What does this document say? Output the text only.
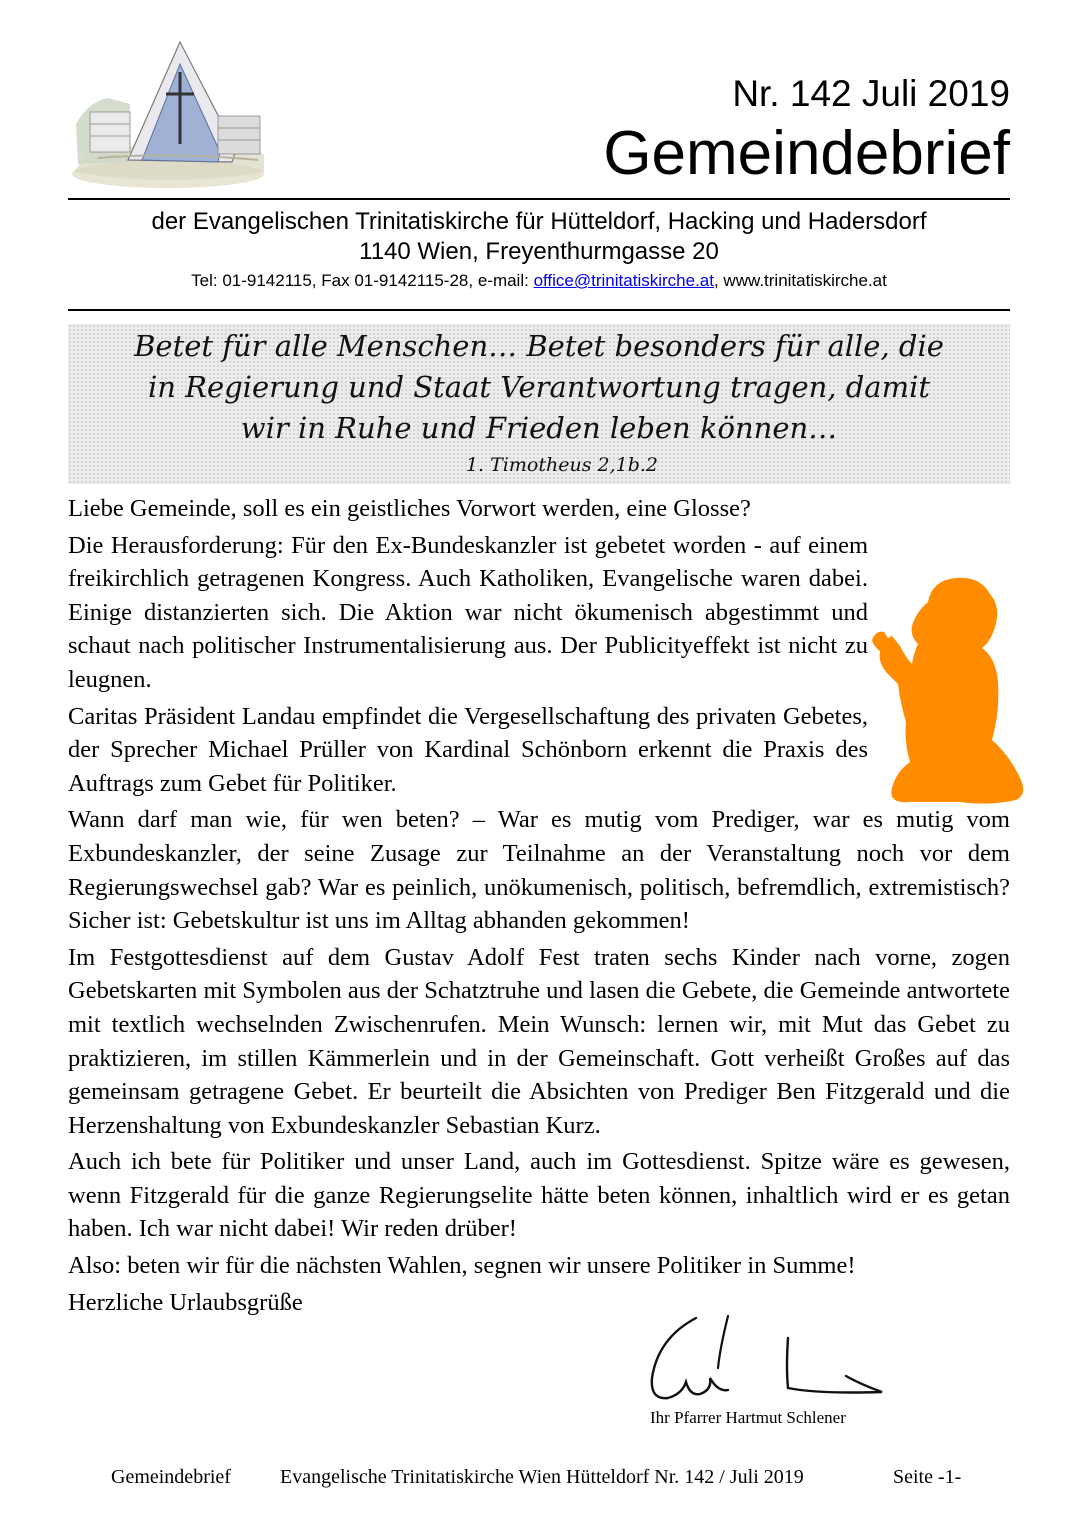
Nr. 142 Juli 2019
Gemeindebrief
der Evangelischen Trinitatiskirche für Hütteldorf, Hacking und Hadersdorf
1140 Wien, Freyenthurmgasse 20
Tel: 01-9142115, Fax 01-9142115-28, e-mail: office@trinitatiskirche.at, www.trinitatiskirche.at
Betet für alle Menschen… Betet besonders für alle, die
in Regierung und Staat Verantwortung tragen, damit
wir in Ruhe und Frieden leben können…
1. Timotheus 2,1b.2

Liebe Gemeinde, soll es ein geistliches Vorwort werden, eine Glosse?

Die Herausforderung: Für den Ex-Bundeskanzler ist gebetet worden - auf einem freikirchlich getragenen Kongress. Auch Katholiken, Evangelische waren dabei. Einige distanzierten sich. Die Aktion war nicht ökumenisch abgestimmt und schaut nach politischer Instrumentalisierung aus. Der Publicityeffekt ist nicht zu leugnen.

Caritas Präsident Landau empfindet die Vergesellschaftung des privaten Gebetes, der Sprecher Michael Prüller von Kardinal Schönborn erkennt die Praxis des Auftrags zum Gebet für Politiker.

Wann darf man wie, für wen beten? – War es mutig vom Prediger, war es mutig vom Exbundeskanzler, der seine Zusage zur Teilnahme an der Veranstaltung noch vor dem Regierungswechsel gab? War es peinlich, unökumenisch, politisch, befremdlich, extremistisch? Sicher ist: Gebetskultur ist uns im Alltag abhanden gekommen!

Im Festgottesdienst auf dem Gustav Adolf Fest traten sechs Kinder nach vorne, zogen Gebetskarten mit Symbolen aus der Schatztruhe und lasen die Gebete, die Gemeinde antwortete mit textlich wechselnden Zwischenrufen. Mein Wunsch: lernen wir, mit Mut das Gebet zu praktizieren, im stillen Kämmerlein und in der Gemeinschaft. Gott verheißt Großes auf das gemeinsam getragene Gebet. Er beurteilt die Absichten von Prediger Ben Fitzgerald und die Herzenshaltung von Exbundeskanzler Sebastian Kurz.

Auch ich bete für Politiker und unser Land, auch im Gottesdienst. Spitze wäre es gewesen, wenn Fitzgerald für die ganze Regierungselite hätte beten können, inhaltlich wird er es getan haben. Ich war nicht dabei! Wir reden drüber!

Also: beten wir für die nächsten Wahlen, segnen wir unsere Politiker in Summe!

Herzliche Urlaubsgrüße

Ihr Pfarrer Hartmut Schlener
Gemeindebrief Evangelische Trinitatiskirche Wien Hütteldorf Nr. 142 / Juli 2019	Seite -1-
